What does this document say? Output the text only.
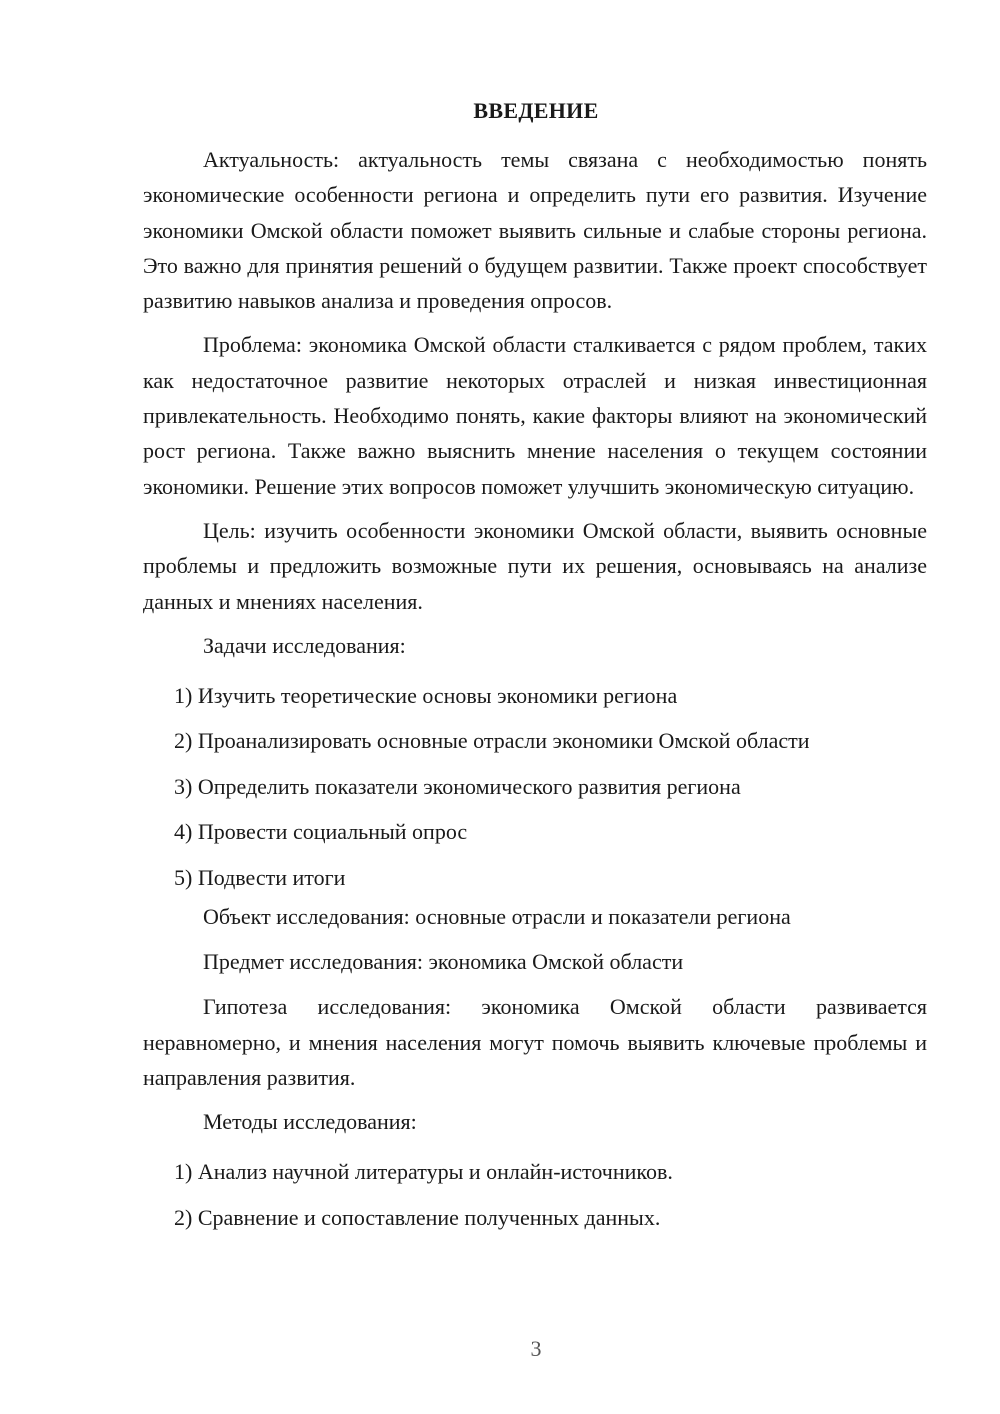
ВВЕДЕНИЕ

Актуальность: актуальность темы связана с необходимостью понять экономические особенности региона и определить пути его развития. Изучение экономики Омской области поможет выявить сильные и слабые стороны региона. Это важно для принятия решений о будущем развитии. Также проект способствует развитию навыков анализа и проведения опросов.

Проблема: экономика Омской области сталкивается с рядом проблем, таких как недостаточное развитие некоторых отраслей и низкая инвестиционная привлекательность. Необходимо понять, какие факторы влияют на экономический рост региона. Также важно выяснить мнение населения о текущем состоянии экономики. Решение этих вопросов поможет улучшить экономическую ситуацию.

Цель: изучить особенности экономики Омской области, выявить основные проблемы и предложить возможные пути их решения, основываясь на анализе данных и мнениях населения.

Задачи исследования:
1) Изучить теоретические основы экономики региона
2) Проанализировать основные отрасли экономики Омской области
3) Определить показатели экономического развития региона
4) Провести социальный опрос
5) Подвести итоги
Объект исследования: основные отрасли и показатели региона
Предмет исследования: экономика Омской области

Гипотеза исследования: экономика Омской области развивается неравномерно, и мнения населения могут помочь выявить ключевые проблемы и направления развития.

Методы исследования:
1) Анализ научной литературы и онлайн-источников.
2) Сравнение и сопоставление полученных данных.
3
